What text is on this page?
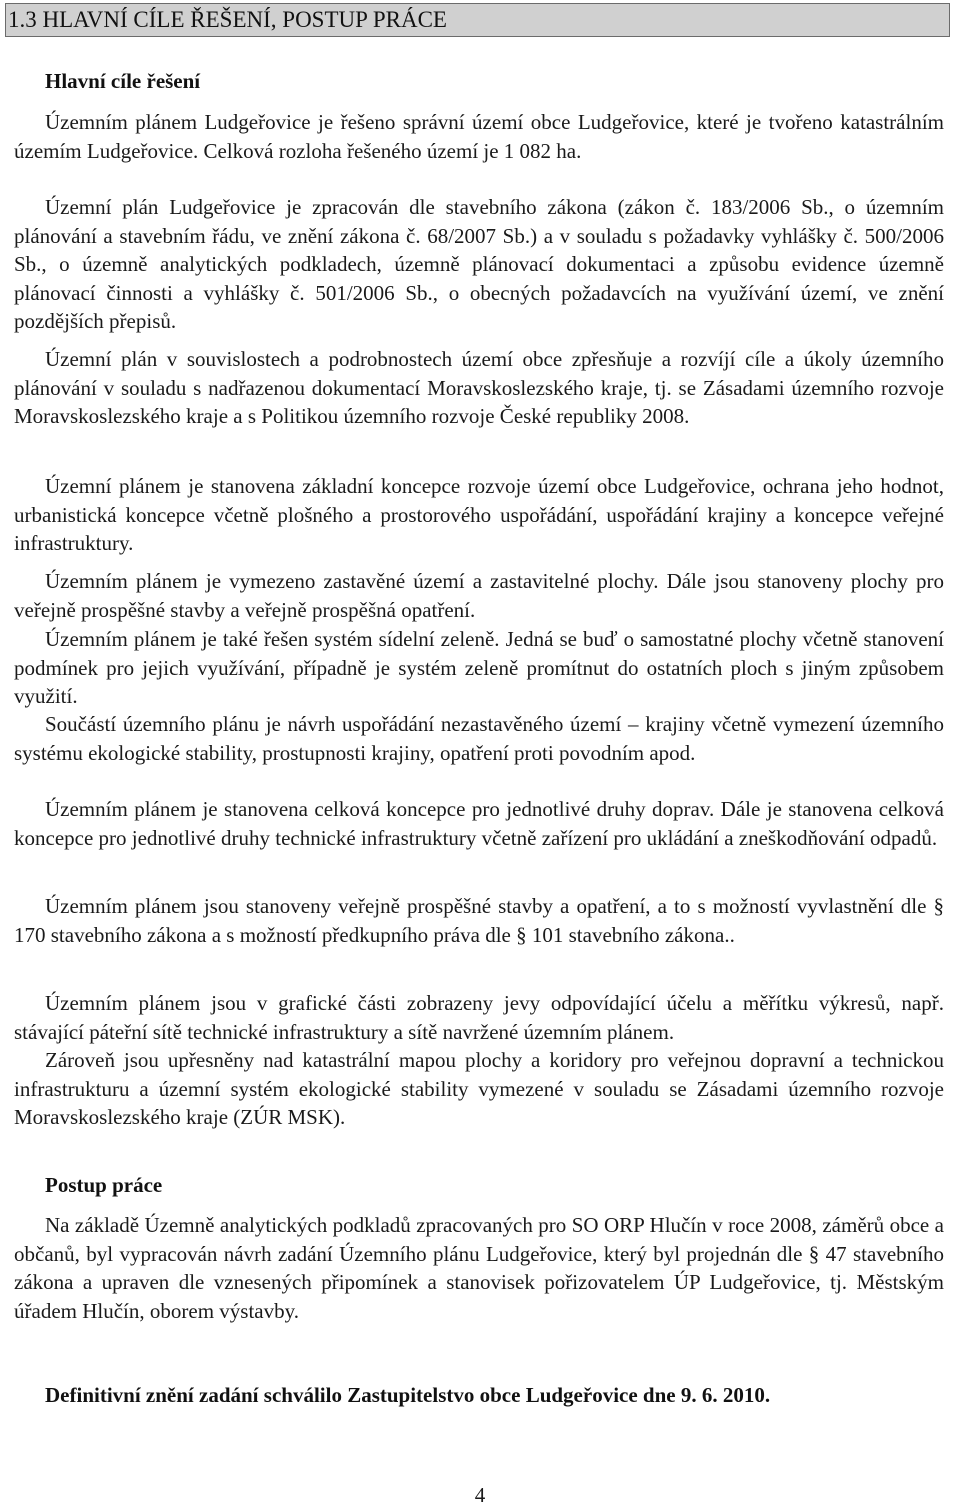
1.3 HLAVNÍ CÍLE ŘEŠENÍ, POSTUP PRÁCE
Hlavní cíle řešení

Územním plánem Ludgeřovice je řešeno správní území obce Ludgeřovice, které je tvořeno katastrálním územím Ludgeřovice. Celková rozloha řešeného území je 1 082 ha.

Územní plán Ludgeřovice je zpracován dle stavebního zákona (zákon č. 183/2006 Sb., o územním plánování a stavebním řádu, ve znění zákona č. 68/2007 Sb.) a v souladu s požadavky vyhlášky č. 500/2006 Sb., o územně analytických podkladech, územně plánovací dokumentaci a způsobu evidence územně plánovací činnosti a vyhlášky č. 501/2006 Sb., o obecných požadavcích na využívání území, ve znění pozdějších přepisů.

Územní plán v souvislostech a podrobnostech území obce zpřesňuje a rozvíjí cíle a úkoly územního plánování v souladu s nadřazenou dokumentací Moravskoslezského kraje, tj. se Zásadami územního rozvoje Moravskoslezského kraje a s Politikou územního rozvoje České republiky 2008.

Územní plánem je stanovena základní koncepce rozvoje území obce Ludgeřovice, ochrana jeho hodnot, urbanistická koncepce včetně plošného a prostorového uspořádání, uspořádání krajiny a koncepce veřejné infrastruktury.

Územním plánem je vymezeno zastavěné území a zastavitelné plochy. Dále jsou stanoveny plochy pro veřejně prospěšné stavby a veřejně prospěšná opatření.

Územním plánem je také řešen systém sídelní zeleně. Jedná se buď o samostatné plochy včetně stanovení podmínek pro jejich využívání, případně je systém zeleně promítnut do ostatních ploch s jiným způsobem využití.

Součástí územního plánu je návrh uspořádání nezastavěného území – krajiny včetně vymezení územního systému ekologické stability, prostupnosti krajiny, opatření proti povodním apod.

Územním plánem je stanovena celková koncepce pro jednotlivé druhy doprav. Dále je stanovena celková koncepce pro jednotlivé druhy technické infrastruktury včetně zařízení pro ukládání a zneškodňování odpadů.

Územním plánem jsou stanoveny veřejně prospěšné stavby a opatření, a to s možností vyvlastnění dle § 170 stavebního zákona a s možností předkupního práva dle § 101 stavebního zákona..

Územním plánem jsou v grafické části zobrazeny jevy odpovídající účelu a měřítku výkresů, např. stávající páteřní sítě technické infrastruktury a sítě navržené územním plánem.

Zároveň jsou upřesněny nad katastrální mapou plochy a koridory pro veřejnou dopravní a technickou infrastrukturu a územní systém ekologické stability vymezené v souladu se Zásadami územního rozvoje Moravskoslezského kraje (ZÚR MSK).

Postup práce

Na základě Územně analytických podkladů zpracovaných pro SO ORP Hlučín v roce 2008, záměrů obce a občanů, byl vypracován návrh zadání Územního plánu Ludgeřovice, který byl projednán dle § 47 stavebního zákona a upraven dle vznesených připomínek a stanovisek pořizovatelem ÚP Ludgeřovice, tj. Městským úřadem Hlučín, oborem výstavby.

Definitivní znění zadání schválilo Zastupitelstvo obce Ludgeřovice dne 9. 6. 2010.

4
